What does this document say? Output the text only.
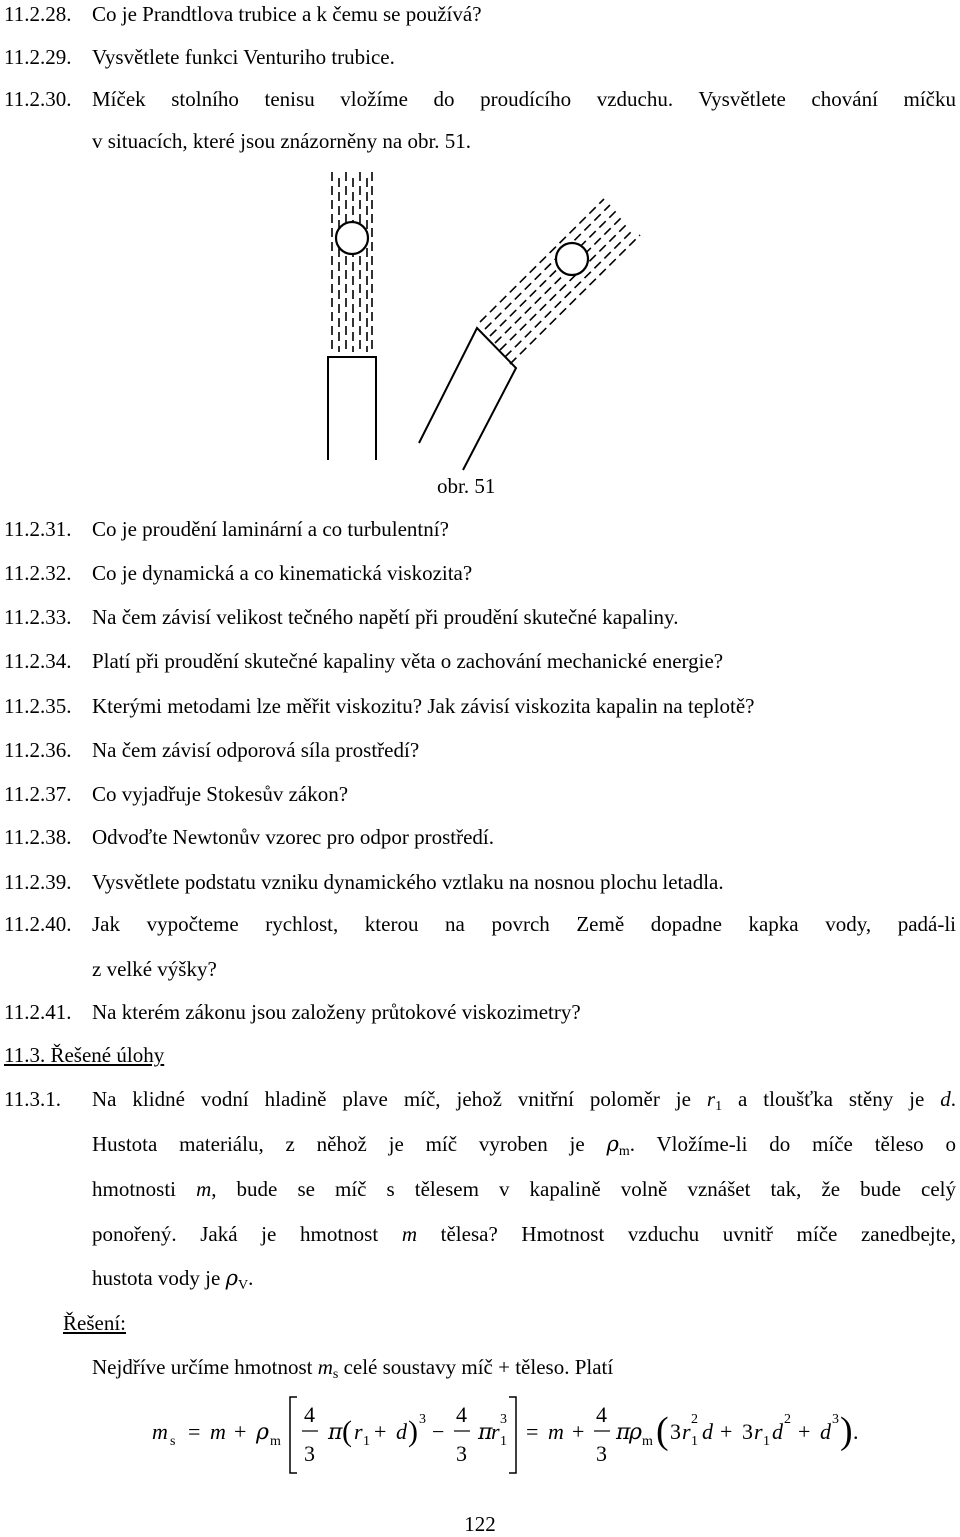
11.2.28. Co je Prandtlova trubice a k čemu se používá?
11.2.29. Vysvětlete funkci Venturiho trubice.
11.2.30. Míček stolního tenisu vložíme do proudícího vzduchu. Vysvětlete chování míčku
v situacích, které jsou znázorněny na obr. 51.
obr. 51
11.2.31. Co je proudění laminární a co turbulentní?
11.2.32. Co je dynamická a co kinematická viskozita?
11.2.33. Na čem závisí velikost tečného napětí při proudění skutečné kapaliny.
11.2.34. Platí při proudění skutečné kapaliny věta o zachování mechanické energie?
11.2.35. Kterými metodami lze měřit viskozitu? Jak závisí viskozita kapalin na teplotě?
11.2.36. Na čem závisí odporová síla prostředí?
11.2.37. Co vyjadřuje Stokesův zákon?
11.2.38. Odvoďte Newtonův vzorec pro odpor prostředí.
11.2.39. Vysvětlete podstatu vzniku dynamického vztlaku na nosnou plochu letadla.
11.2.40. Jak vypočteme rychlost, kterou na povrch Země dopadne kapka vody, padá-li
z velké výšky?
11.2.41. Na kterém zákonu jsou založeny průtokové viskozimetry?
11.3. Řešené úlohy
11.3.1. Na klidné vodní hladině plave míč, jehož vnitřní poloměr je $r_1$ a tloušťka stěny je d.
Hustota materiálu, z něhož je míč vyroben je $\rho_m$. Vložíme-li do míče těleso o
hmotnosti m, bude se míč s tělesem v kapalině volně vznášet tak, že bude celý
ponořený. Jaká je hmotnost m tělesa? Hmotnost vzduchu uvnitř míče zanedbejte,
hustota vody je $\rho_V$.
Řešení:
Nejdříve určíme hmotnost $m_s$ celé soustavy míč + těleso. Platí
m s = m + ρ m
4
3
π ( r 1 + d ) 3 −
4
3
π
r 1
3 = m +
4
3
π
ρ m ( 3 r 1
2 d + 3 r 1 d 2 + d 3 ) .
122
